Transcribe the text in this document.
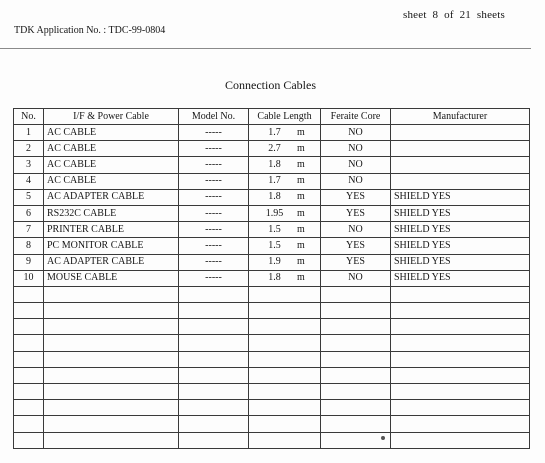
sheet 8 of 21 sheets
TDK Application No. : TDC-99-0804
Connection Cables
No.	I/F & Power Cable	Model No.	Cable Length	Feraite Core	Manufacturer
1	AC CABLE	-----	1.7 m	NO	
2	AC CABLE	-----	2.7 m	NO	
3	AC CABLE	-----	1.8 m	NO	
4	AC CABLE	-----	1.7 m	NO	
5	AC ADAPTER CABLE	-----	1.8 m	YES	SHIELD YES
6	RS232C CABLE	-----	1.95 m	YES	SHIELD YES
7	PRINTER CABLE	-----	1.5 m	NO	SHIELD YES
8	PC MONITOR CABLE	-----	1.5 m	YES	SHIELD YES
9	AC ADAPTER CABLE	-----	1.9 m	YES	SHIELD YES
10	MOUSE CABLE	-----	1.8 m	NO	SHIELD YES
